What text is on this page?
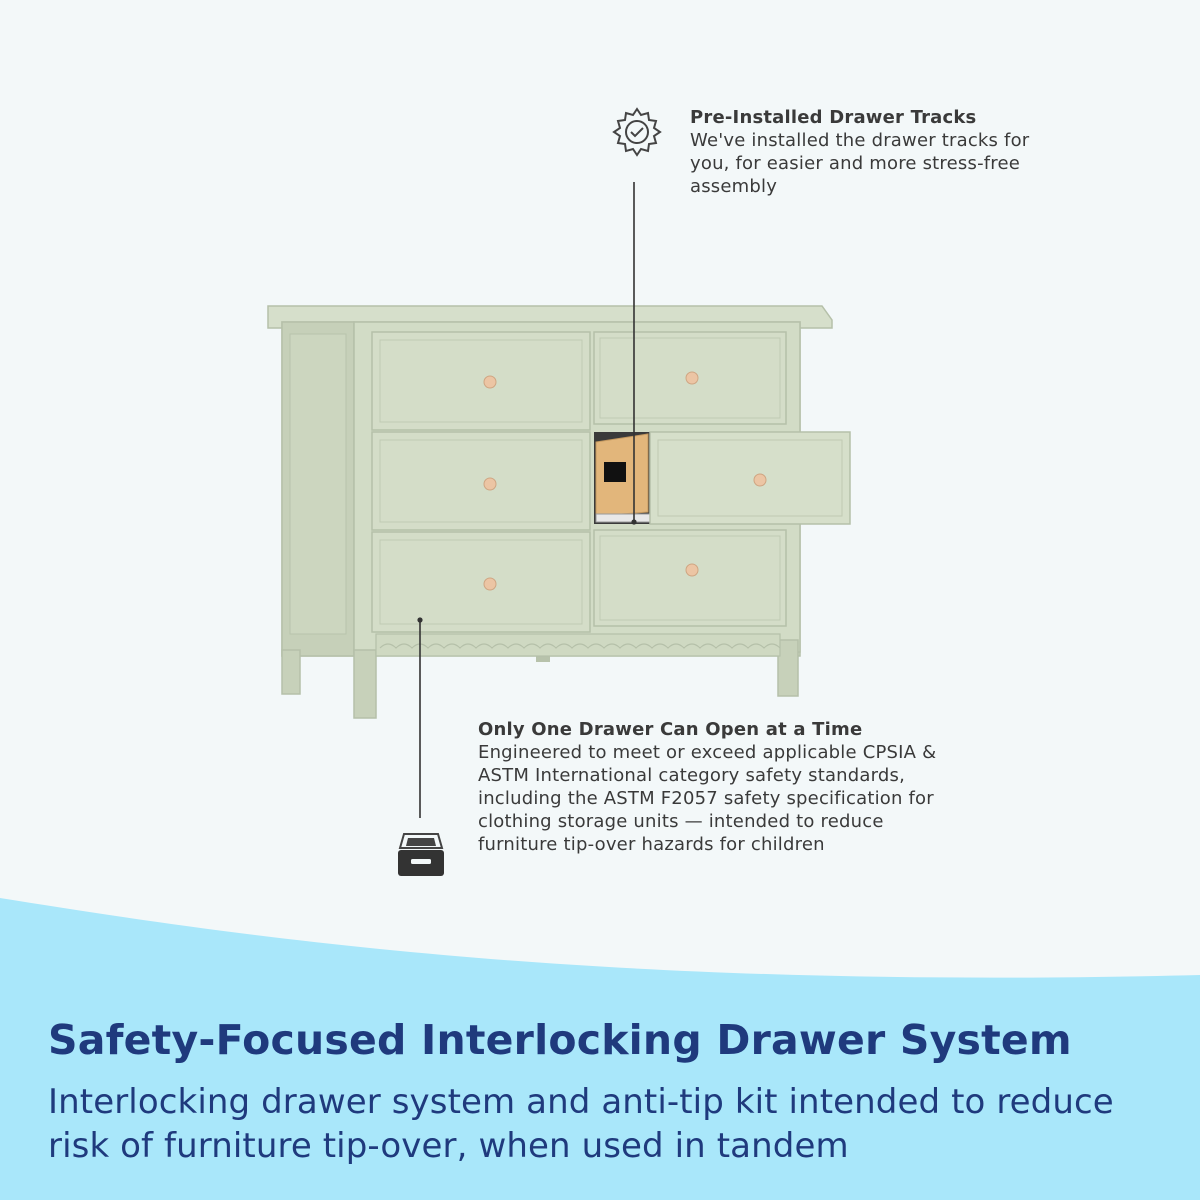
Pre-Installed Drawer Tracks
We've installed the drawer tracks for you, for easier and more stress-free assembly
Only One Drawer Can Open at a Time
Engineered to meet or exceed applicable CPSIA & ASTM International category safety standards, including the ASTM F2057 safety specification for clothing storage units — intended to reduce furniture tip-over hazards for children
Safety-Focused Interlocking Drawer System
Interlocking drawer system and anti-tip kit intended to reduce risk of furniture tip-over, when used in tandem
